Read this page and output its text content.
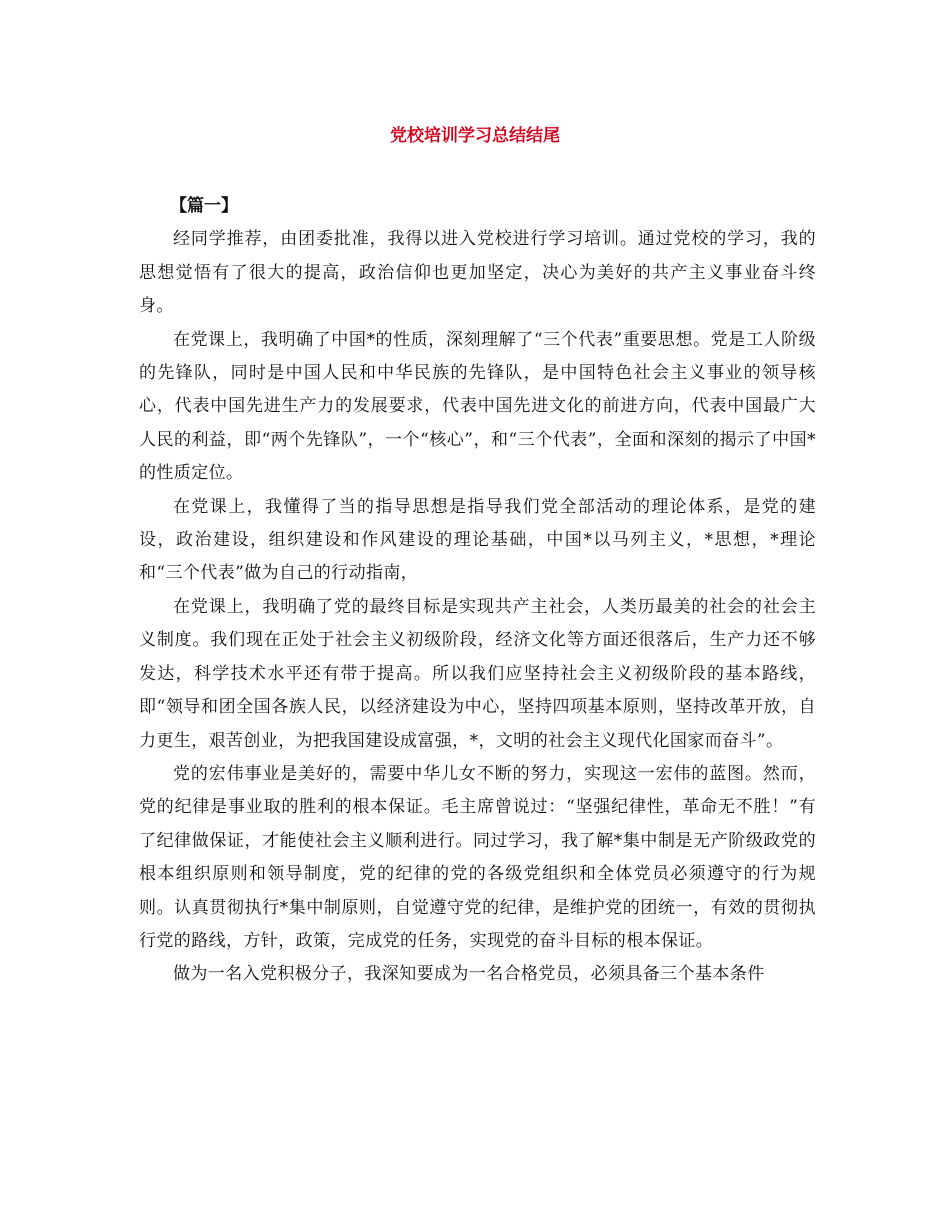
党校培训学习总结结尾

【篇一】

经同学推荐，由团委批准，我得以进入党校进行学习培训。通过党校的学习，我的思想觉悟有了很大的提高，政治信仰也更加坚定，决心为美好的共产主义事业奋斗终身。

在党课上，我明确了中国*的性质，深刻理解了“三个代表”重要思想。党是工人阶级的先锋队，同时是中国人民和中华民族的先锋队，是中国特色社会主义事业的领导核心，代表中国先进生产力的发展要求，代表中国先进文化的前进方向，代表中国最广大人民的利益，即“两个先锋队”，一个“核心”，和“三个代表”，全面和深刻的揭示了中国*的性质定位。

在党课上，我懂得了当的指导思想是指导我们党全部活动的理论体系，是党的建设，政治建设，组织建设和作风建设的理论基础，中国*以马列主义，*思想，*理论和“三个代表”做为自己的行动指南，

在党课上，我明确了党的最终目标是实现共产主社会，人类历最美的社会的社会主义制度。我们现在正处于社会主义初级阶段，经济文化等方面还很落后，生产力还不够发达，科学技术水平还有带于提高。所以我们应坚持社会主义初级阶段的基本路线，即“领导和团全国各族人民，以经济建设为中心，坚持四项基本原则，坚持改革开放，自力更生，艰苦创业，为把我国建设成富强，*，文明的社会主义现代化国家而奋斗”。

党的宏伟事业是美好的，需要中华儿女不断的努力，实现这一宏伟的蓝图。然而，党的纪律是事业取的胜利的根本保证。毛主席曾说过：“坚强纪律性，革命无不胜！”有了纪律做保证，才能使社会主义顺利进行。同过学习，我了解*集中制是无产阶级政党的根本组织原则和领导制度，党的纪律的党的各级党组织和全体党员必须遵守的行为规则。认真贯彻执行*集中制原则，自觉遵守党的纪律，是维护党的团统一，有效的贯彻执行党的路线，方针，政策，完成党的任务，实现党的奋斗目标的根本保证。

做为一名入党积极分子，我深知要成为一名合格党员，必须具备三个基本条件
